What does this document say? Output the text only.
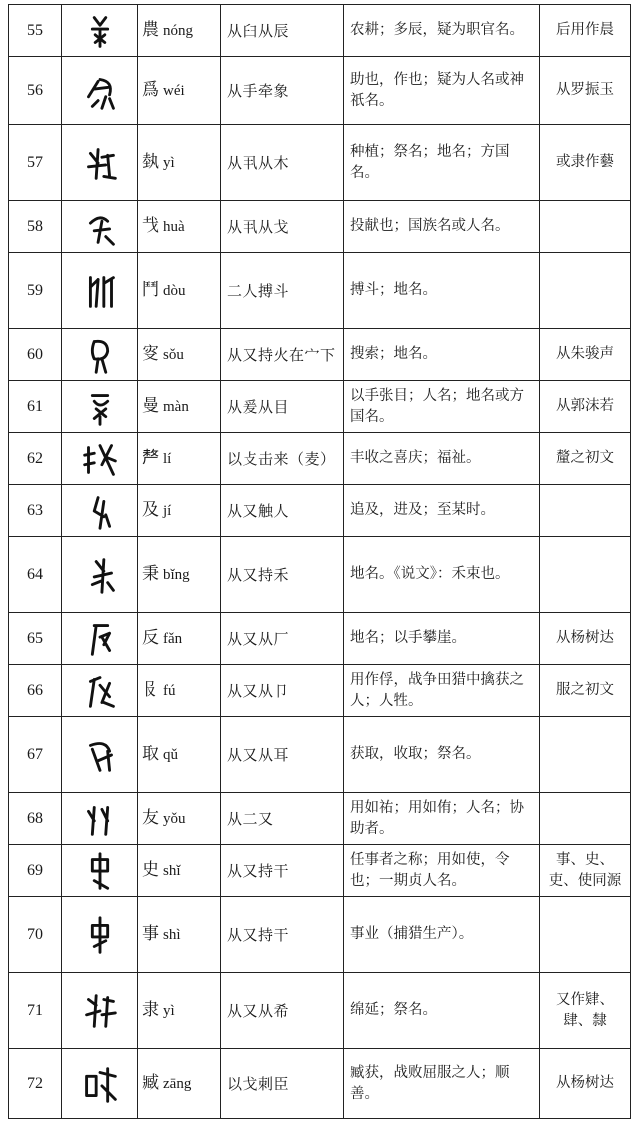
55		農 nóng	从臼从辰	农耕；多辰，疑为职官名。	后用作晨
56		爲 wéi	从手牵象	助也，作也；疑为人名或神祇名。	从罗振玉
57		埶 yì	从丮从木	种植；祭名；地名；方国名。	或隶作藝
58		𢦏 huà	从丮从戈	投献也；国族名或人名。	
59		鬥 dòu	二人搏斗	搏斗；地名。	
60		叜 sǒu	从又持火在宀下	搜索；地名。	从朱骏声
61		曼 màn	从爰从目	以手张目；人名；地名或方国名。	从郭沫若
62		𠩺 lí	以攴击来（麦）	丰收之喜庆；福祉。	釐之初文
63		及 jí	从又触人	追及，进及；至某时。	
64		秉 bǐng	从又持禾	地名。《说文》：禾束也。	
65		反 fǎn	从又从厂	地名；以手攀崖。	从杨树达
66		𠬝 fú	从又从卩	用作俘，战争田猎中擒获之人；人牲。	服之初文
67		取 qǔ	从又从耳	获取，收取；祭名。	
68		友 yǒu	从二又	用如祐；用如侑；人名；协助者。	
69		史 shǐ	从又持干	任事者之称；用如使，令也；一期贞人名。	事、史、吏、使同源
70		事 shì	从又持干	事业（捕猎生产）。	
71		隶 yì	从又从希	绵延；祭名。	又作肄、肆、隸
72		臧 zāng	以戈刺臣	臧获，战败屈服之人；顺善。	从杨树达
